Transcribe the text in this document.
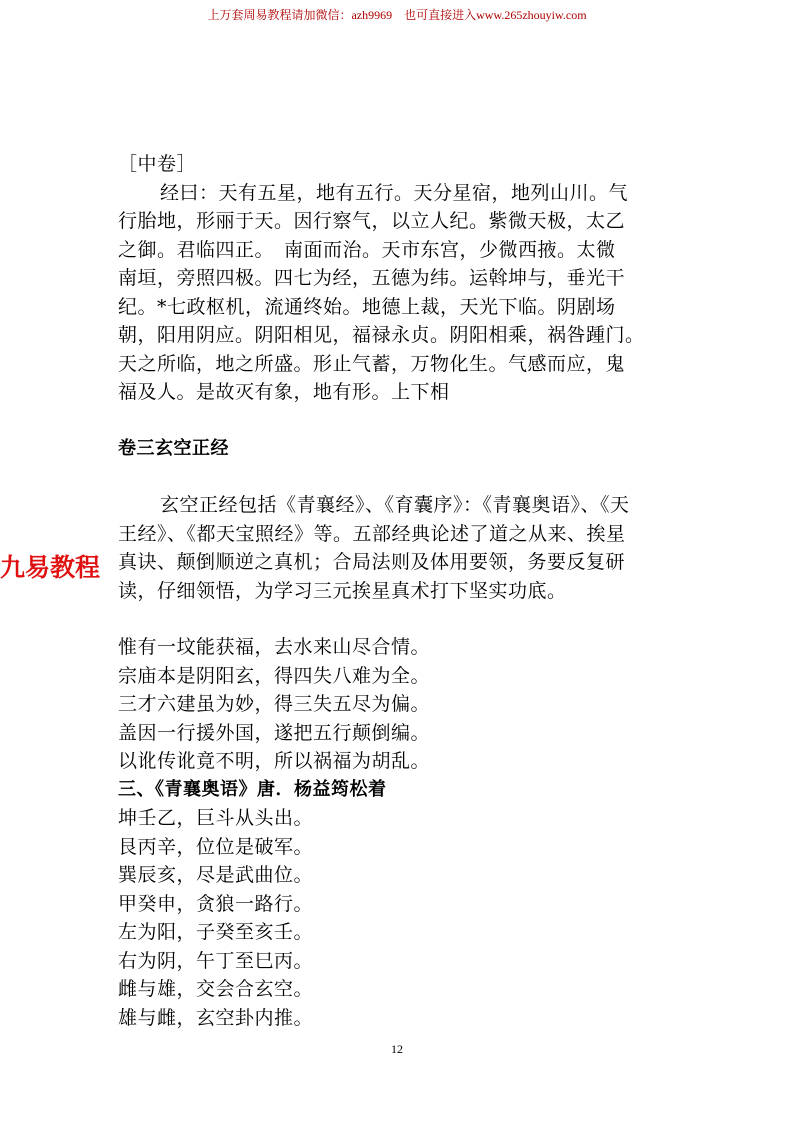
上万套周易教程请加微信：azh9969　也可直接进入www.265zhouyiw.com
九易教程
［中卷］
经曰：天有五星，地有五行。天分星宿，地列山川。气
行胎地，形丽于天。因行察气，以立人纪。紫微天极，太乙
之御。君临四正。　南面而治。天市东宫，少微西掖。太微
南垣，旁照四极。四七为经，五德为纬。运斡坤与，垂光干
纪。*七政枢机，流通终始。地德上裁，天光下临。阴剧场
朝，阳用阴应。阴阳相见，福禄永贞。阴阳相乘，祸咎踵门。
天之所临，地之所盛。形止气蓄，万物化生。气感而应，鬼
福及人。是故灭有象，地有形。上下相
卷三玄空正经
玄空正经包括《青襄经》、《育囊序》：《青襄奥语》、《天
王经》、《都天宝照经》等。五部经典论述了道之从来、挨星
真诀、颠倒顺逆之真机；合局法则及体用要领，务要反复研
读，仔细领悟，为学习三元挨星真术打下坚实功底。
惟有一坟能获福，去水来山尽合情。
宗庙本是阴阳玄，得四失八难为全。
三才六建虽为妙，得三失五尽为偏。
盖因一行援外国，遂把五行颠倒编。
以讹传讹竟不明，所以祸福为胡乱。
三、《青襄奥语》唐．杨益筠松着
坤壬乙，巨斗从头出。
艮丙辛，位位是破军。
巽辰亥，尽是武曲位。
甲癸申，贪狼一路行。
左为阳，子癸至亥壬。
右为阴，午丁至巳丙。
雌与雄，交会合玄空。
雄与雌，玄空卦内推。
12
